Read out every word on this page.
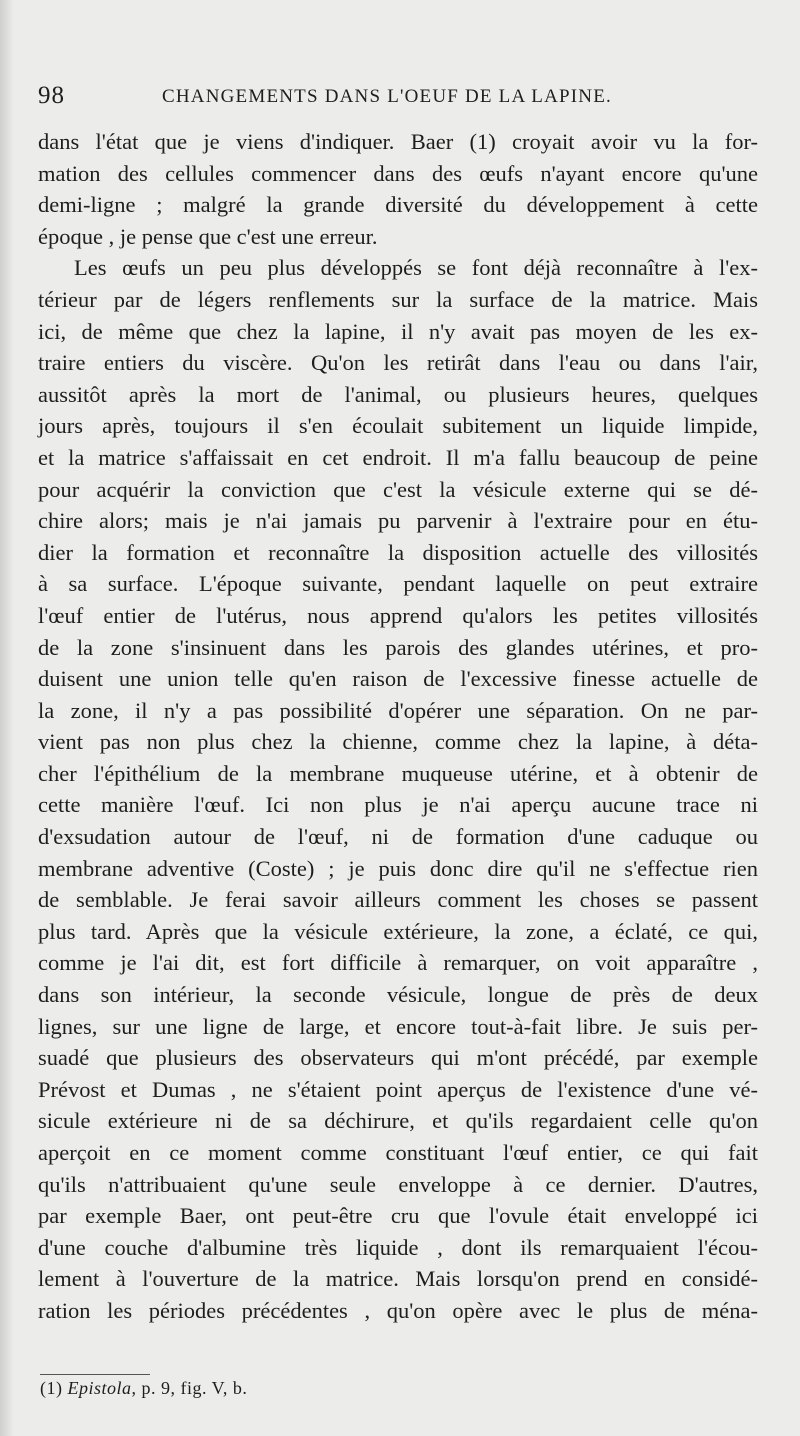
98	CHANGEMENTS DANS L'OEUF DE LA LAPINE.
dans l'état que je viens d'indiquer. Baer (1) croyait avoir vu la for-
mation des cellules commencer dans des œufs n'ayant encore qu'une
demi-ligne ; malgré la grande diversité du développement à cette
époque , je pense que c'est une erreur.
Les œufs un peu plus développés se font déjà reconnaître à l'ex-
térieur par de légers renflements sur la surface de la matrice. Mais
ici, de même que chez la lapine, il n'y avait pas moyen de les ex-
traire entiers du viscère. Qu'on les retirât dans l'eau ou dans l'air,
aussitôt après la mort de l'animal, ou plusieurs heures, quelques
jours après, toujours il s'en écoulait subitement un liquide limpide,
et la matrice s'affaissait en cet endroit. Il m'a fallu beaucoup de peine
pour acquérir la conviction que c'est la vésicule externe qui se dé-
chire alors; mais je n'ai jamais pu parvenir à l'extraire pour en étu-
dier la formation et reconnaître la disposition actuelle des villosités
à sa surface. L'époque suivante, pendant laquelle on peut extraire
l'œuf entier de l'utérus, nous apprend qu'alors les petites villosités
de la zone s'insinuent dans les parois des glandes utérines, et pro-
duisent une union telle qu'en raison de l'excessive finesse actuelle de
la zone, il n'y a pas possibilité d'opérer une séparation. On ne par-
vient pas non plus chez la chienne, comme chez la lapine, à déta-
cher l'épithélium de la membrane muqueuse utérine, et à obtenir de
cette manière l'œuf. Ici non plus je n'ai aperçu aucune trace ni
d'exsudation autour de l'œuf, ni de formation d'une caduque ou
membrane adventive (Coste) ; je puis donc dire qu'il ne s'effectue rien
de semblable. Je ferai savoir ailleurs comment les choses se passent
plus tard. Après que la vésicule extérieure, la zone, a éclaté, ce qui,
comme je l'ai dit, est fort difficile à remarquer, on voit apparaître ,
dans son intérieur, la seconde vésicule, longue de près de deux
lignes, sur une ligne de large, et encore tout-à-fait libre. Je suis per-
suadé que plusieurs des observateurs qui m'ont précédé, par exemple
Prévost et Dumas , ne s'étaient point aperçus de l'existence d'une vé-
sicule extérieure ni de sa déchirure, et qu'ils regardaient celle qu'on
aperçoit en ce moment comme constituant l'œuf entier, ce qui fait
qu'ils n'attribuaient qu'une seule enveloppe à ce dernier. D'autres,
par exemple Baer, ont peut-être cru que l'ovule était enveloppé ici
d'une couche d'albumine très liquide , dont ils remarquaient l'écou-
lement à l'ouverture de la matrice. Mais lorsqu'on prend en considé-
ration les périodes précédentes , qu'on opère avec le plus de ména-
(1) Epistola, p. 9, fig. V, b.
